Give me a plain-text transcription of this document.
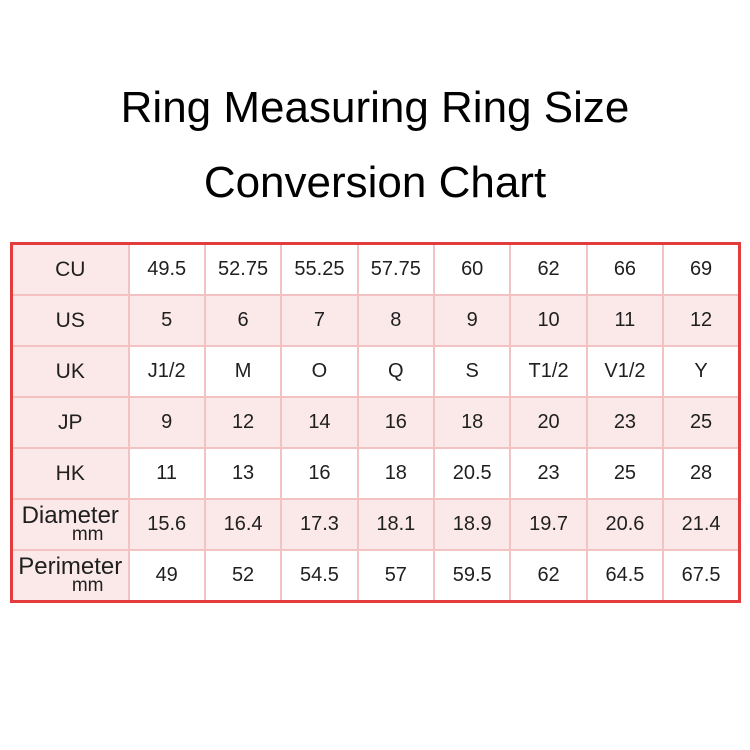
Ring Measuring Ring Size
Conversion Chart
CU	49.5	52.75	55.25	57.75	60	62	66	69
US	5	6	7	8	9	10	11	12
UK	J1/2	M	O	Q	S	T1/2	V1/2	Y
JP	9	12	14	16	18	20	23	25
HK	11	13	16	18	20.5	23	25	28

Diameter
mm	15.6	16.4	17.3	18.1	18.9	19.7	20.6	21.4

Perimeter
mm	49	52	54.5	57	59.5	62	64.5	67.5
